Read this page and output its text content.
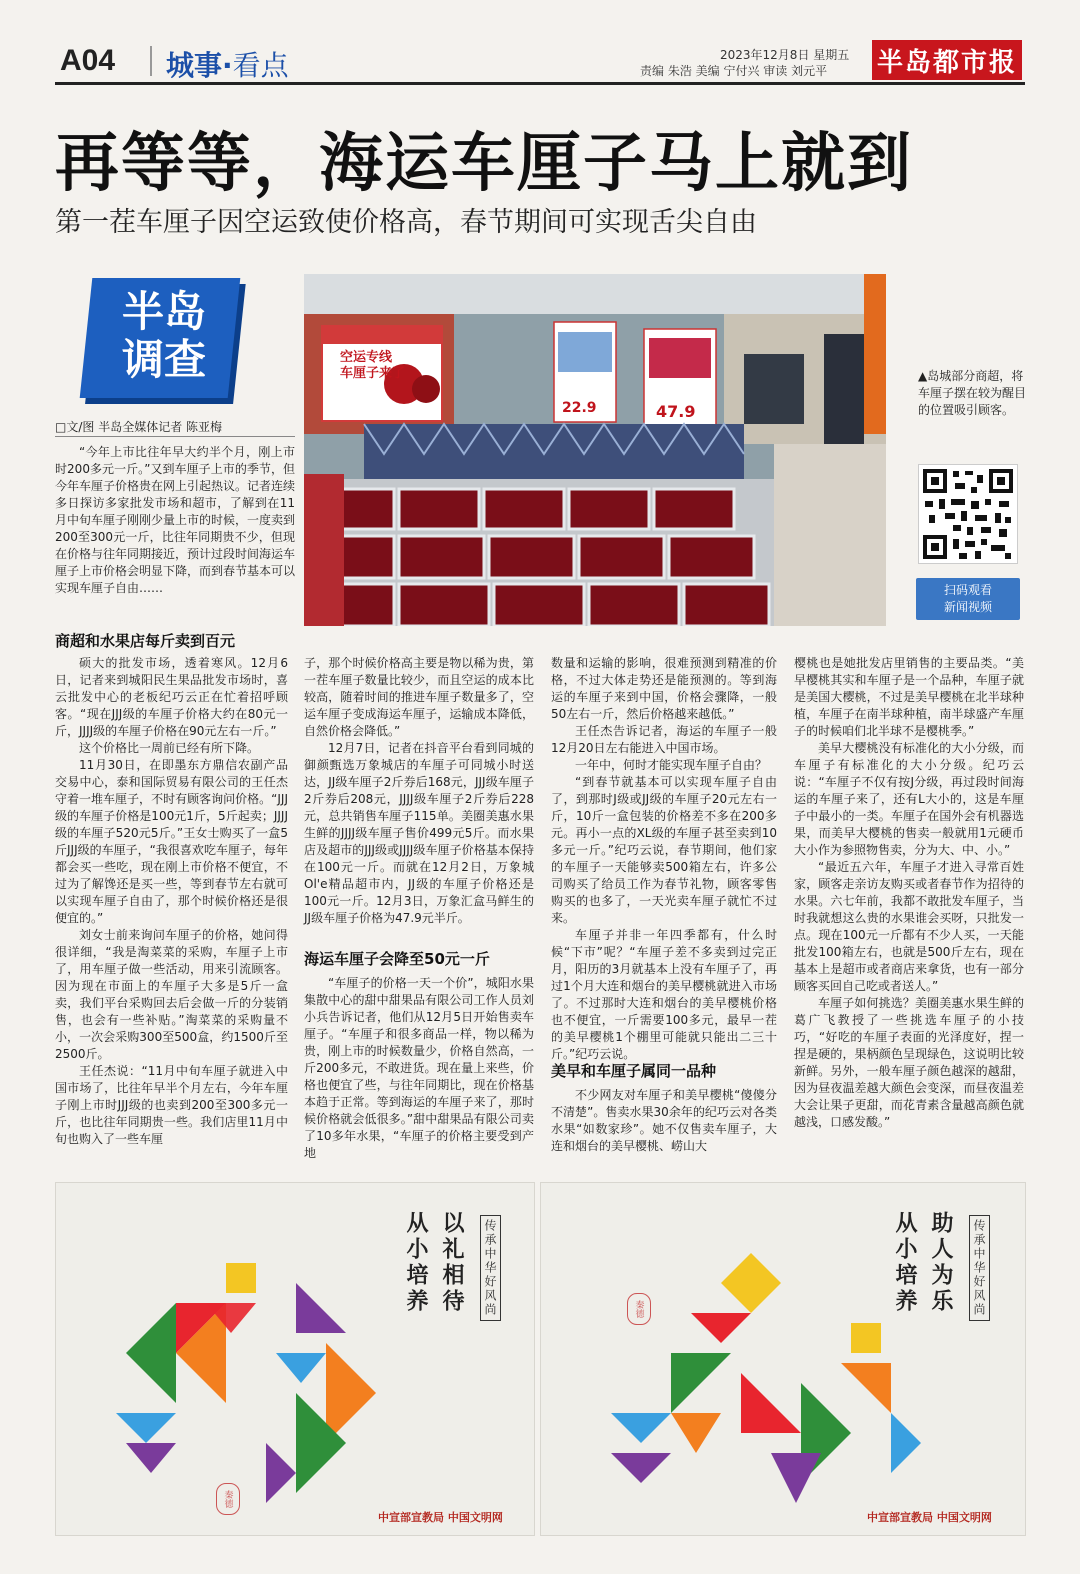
A04 城事·看点	2023年12月8日 星期五
责编 朱浩 美编 宁付兴 审读 刘元平 半岛都市报
再等等，海运车厘子马上就到
第一茬车厘子因空运致使价格高，春节期间可实现舌尖自由
半岛
调查
□文/图 半岛全媒体记者 陈亚梅
空运专线
车厘子来了
22.9	47.9
▲岛城部分商超，将车厘子摆在较为醒目的位置吸引顾客。
扫码观看
新闻视频

“今年上市比往年早大约半个月，刚上市时200多元一斤。”又到车厘子上市的季节，但今年车厘子价格贵在网上引起热议。记者连续多日探访多家批发市场和超市，了解到在11月中旬车厘子刚刚少量上市的时候，一度卖到200至300元一斤，比往年同期贵不少，但现在价格与往年同期接近，预计过段时间海运车厘子上市价格会明显下降，而到春节基本可以实现车厘子自由……

商超和水果店每斤卖到百元

硕大的批发市场，透着寒风。12月6日，记者来到城阳民生果品批发市场时，喜云批发中心的老板纪巧云正在忙着招呼顾客。“现在JJJ级的车厘子价格大约在80元一斤，JJJJ级的车厘子价格在90元左右一斤。”

这个价格比一周前已经有所下降。

11月30日，在即墨东方鼎信农副产品交易中心，泰和国际贸易有限公司的王任杰守着一堆车厘子，不时有顾客询问价格。“JJJ级的车厘子价格是100元1斤，5斤起卖；JJJJ级的车厘子520元5斤。”王女士购买了一盒5斤JJJ级的车厘子，“我很喜欢吃车厘子，每年都会买一些吃，现在刚上市价格不便宜，不过为了解馋还是买一些，等到春节左右就可以实现车厘子自由了，那个时候价格还是很便宜的。”

刘女士前来询问车厘子的价格，她问得很详细，“我是淘菜菜的采购，车厘子上市了，用车厘子做一些活动，用来引流顾客。因为现在市面上的车厘子大多是5斤一盒卖，我们平台采购回去后会做一斤的分装销售，也会有一些补贴。”淘菜菜的采购量不小，一次会采购300至500盒，约1500斤至2500斤。

王任杰说：“11月中旬车厘子就进入中国市场了，比往年早半个月左右，今年车厘子刚上市时JJJ级的也卖到200至300多元一斤，也比往年同期贵一些。我们店里11月中旬也购入了一些车厘

子，那个时候价格高主要是物以稀为贵，第一茬车厘子数量比较少，而且空运的成本比较高，随着时间的推进车厘子数量多了，空运车厘子变成海运车厘子，运输成本降低，自然价格会降低。”

12月7日，记者在抖音平台看到同城的御颜甄选万象城店的车厘子可同城小时送达，JJ级车厘子2斤券后168元，JJJ级车厘子2斤券后208元，JJJJ级车厘子2斤券后228元，总共销售车厘子115单。美圈美惠水果生鲜的JJJJ级车厘子售价499元5斤。而水果店及超市的JJJ级或JJJJ级车厘子价格基本保持在100元一斤。而就在12月2日，万象城Ol'e精品超市内，JJ级的车厘子价格还是100元一斤。12月3日，万象汇盒马鲜生的JJ级车厘子价格为47.9元半斤。

海运车厘子会降至50元一斤

“车厘子的价格一天一个价”，城阳水果集散中心的甜中甜果品有限公司工作人员刘小兵告诉记者，他们从12月5日开始售卖车厘子。“车厘子和很多商品一样，物以稀为贵，刚上市的时候数量少，价格自然高，一斤200多元，不敢进货。现在量上来些，价格也便宜了些，与往年同期比，现在价格基本趋于正常。等到海运的车厘子来了，那时候价格就会低很多。”甜中甜果品有限公司卖了10多年水果，“车厘子的价格主要受到产地

数量和运输的影响，很难预测到精准的价格，不过大体走势还是能预测的。等到海运的车厘子来到中国，价格会骤降，一般50左右一斤，然后价格越来越低。”

王任杰告诉记者，海运的车厘子一般12月20日左右能进入中国市场。

一年中，何时才能实现车厘子自由？

“到春节就基本可以实现车厘子自由了，到那时J级或JJ级的车厘子20元左右一斤，10斤一盒包装的价格差不多在200多元。再小一点的XL级的车厘子甚至卖到10多元一斤。”纪巧云说，春节期间，他们家的车厘子一天能够卖500箱左右，许多公司购买了给员工作为春节礼物，顾客零售购买的也多了，一天光卖车厘子就忙不过来。

车厘子并非一年四季都有，什么时候“下市”呢？“车厘子差不多卖到过完正月，阳历的3月就基本上没有车厘子了，再过1个月大连和烟台的美早樱桃就进入市场了。不过那时大连和烟台的美早樱桃价格也不便宜，一斤需要100多元，最早一茬的美早樱桃1个棚里可能就只能出二三十斤。”纪巧云说。

美早和车厘子属同一品种

不少网友对车厘子和美早樱桃“傻傻分不清楚”。售卖水果30余年的纪巧云对各类水果“如数家珍”。她不仅售卖车厘子，大连和烟台的美早樱桃、崂山大

樱桃也是她批发店里销售的主要品类。“美早樱桃其实和车厘子是一个品种，车厘子就是美国大樱桃，不过是美早樱桃在北半球种植，车厘子在南半球种植，南半球盛产车厘子的时候咱们北半球不是樱桃季。”

美早大樱桃没有标准化的大小分级，而车厘子有标准化的大小分级。纪巧云说：“车厘子不仅有按J分级，再过段时间海运的车厘子来了，还有L大小的，这是车厘子中最小的一类。车厘子在国外会有机器选果，而美早大樱桃的售卖一般就用1元硬币大小作为参照物售卖，分为大、中、小。”

“最近五六年，车厘子才进入寻常百姓家，顾客走亲访友购买或者春节作为招待的水果。六七年前，我都不敢批发车厘子，当时我就想这么贵的水果谁会买呀，只批发一点。现在100元一斤都有不少人买，一天能批发100箱左右，也就是500斤左右，现在基本上是超市或者商店来拿货，也有一部分顾客买回自己吃或者送人。”

车厘子如何挑选？美圈美惠水果生鲜的葛广飞教授了一些挑选车厘子的小技巧，“好吃的车厘子表面的光泽度好，捏一捏是硬的，果柄颜色呈现绿色，这说明比较新鲜。另外，一般车厘子颜色越深的越甜，因为昼夜温差越大颜色会变深，而昼夜温差大会让果子更甜，而花青素含量越高颜色就越浅，口感发酸。”

秦德
以礼相待
从小培养	传承中华好风尚
中宣部宣教局 中国文明网
秦德	助人为乐
从小培养	传承中华好风尚
中宣部宣教局 中国文明网
